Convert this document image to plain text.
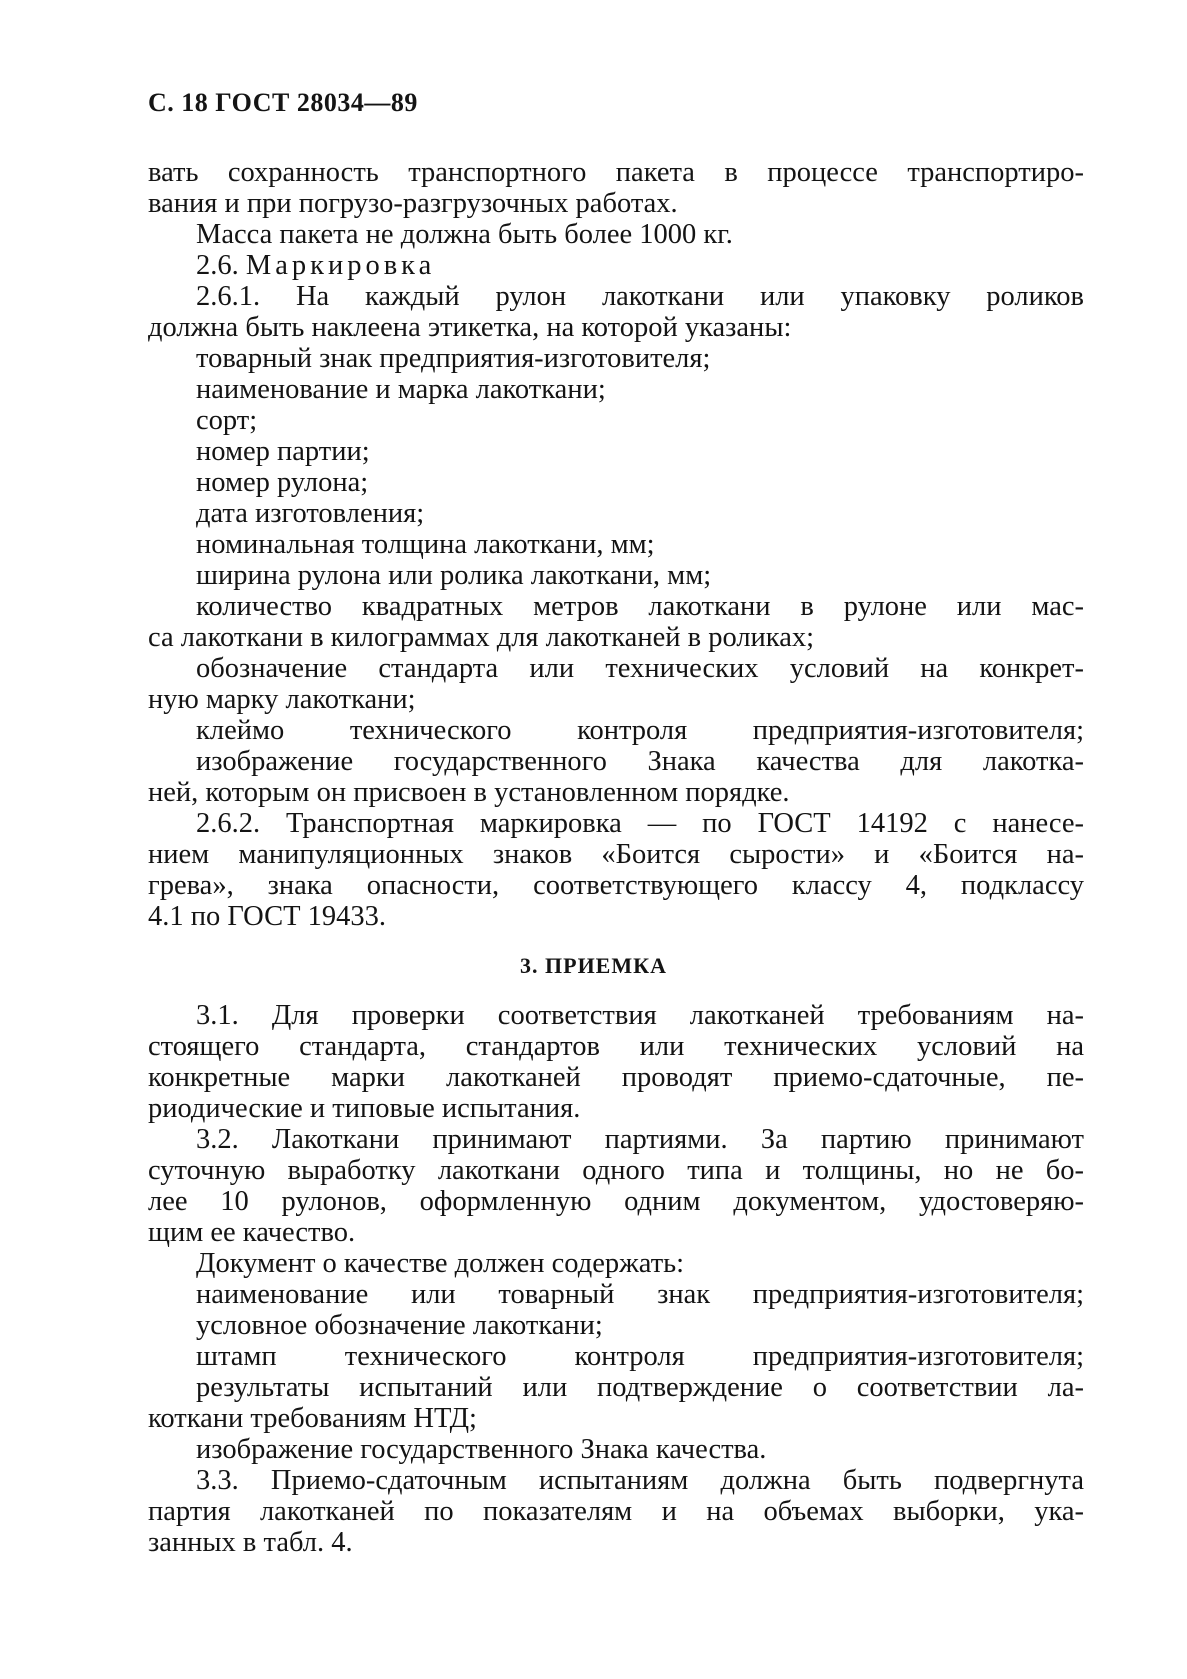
С. 18 ГОСТ 28034—89
вать сохранность транспортного пакета в процессе транспортиро-
вания и при погрузо-разгрузочных работах.
Масса пакета не должна быть более 1000 кг.
2.6. Маркировка
2.6.1. На каждый рулон лакоткани или упаковку роликов
должна быть наклеена этикетка, на которой указаны:
товарный знак предприятия-изготовителя;
наименование и марка лакоткани;
сорт;
номер партии;
номер рулона;
дата изготовления;
номинальная толщина лакоткани, мм;
ширина рулона или ролика лакоткани, мм;
количество квадратных метров лакоткани в рулоне или мас-
са лакоткани в килограммах для лакотканей в роликах;
обозначение стандарта или технических условий на конкрет-
ную марку лакоткани;
клеймо технического контроля предприятия-изготовителя;
изображение государственного Знака качества для лакотка-
ней, которым он присвоен в установленном порядке.
2.6.2. Транспортная маркировка — по ГОСТ 14192 с нанесе-
нием манипуляционных знаков «Боится сырости» и «Боится на-
грева», знака опасности, соответствующего классу 4, подклассу
4.1 по ГОСТ 19433.
3. ПРИЕМКА
3.1. Для проверки соответствия лакотканей требованиям на-
стоящего стандарта, стандартов или технических условий на
конкретные марки лакотканей проводят приемо-сдаточные, пе-
риодические и типовые испытания.
3.2. Лакоткани принимают партиями. За партию принимают
суточную выработку лакоткани одного типа и толщины, но не бо-
лее 10 рулонов, оформленную одним документом, удостоверяю-
щим ее качество.
Документ о качестве должен содержать:
наименование или товарный знак предприятия-изготовителя;
условное обозначение лакоткани;
штамп технического контроля предприятия-изготовителя;
результаты испытаний или подтверждение о соответствии ла-
коткани требованиям НТД;
изображение государственного Знака качества.
3.3. Приемо-сдаточным испытаниям должна быть подвергнута
партия лакотканей по показателям и на объемах выборки, ука-
занных в табл. 4.
